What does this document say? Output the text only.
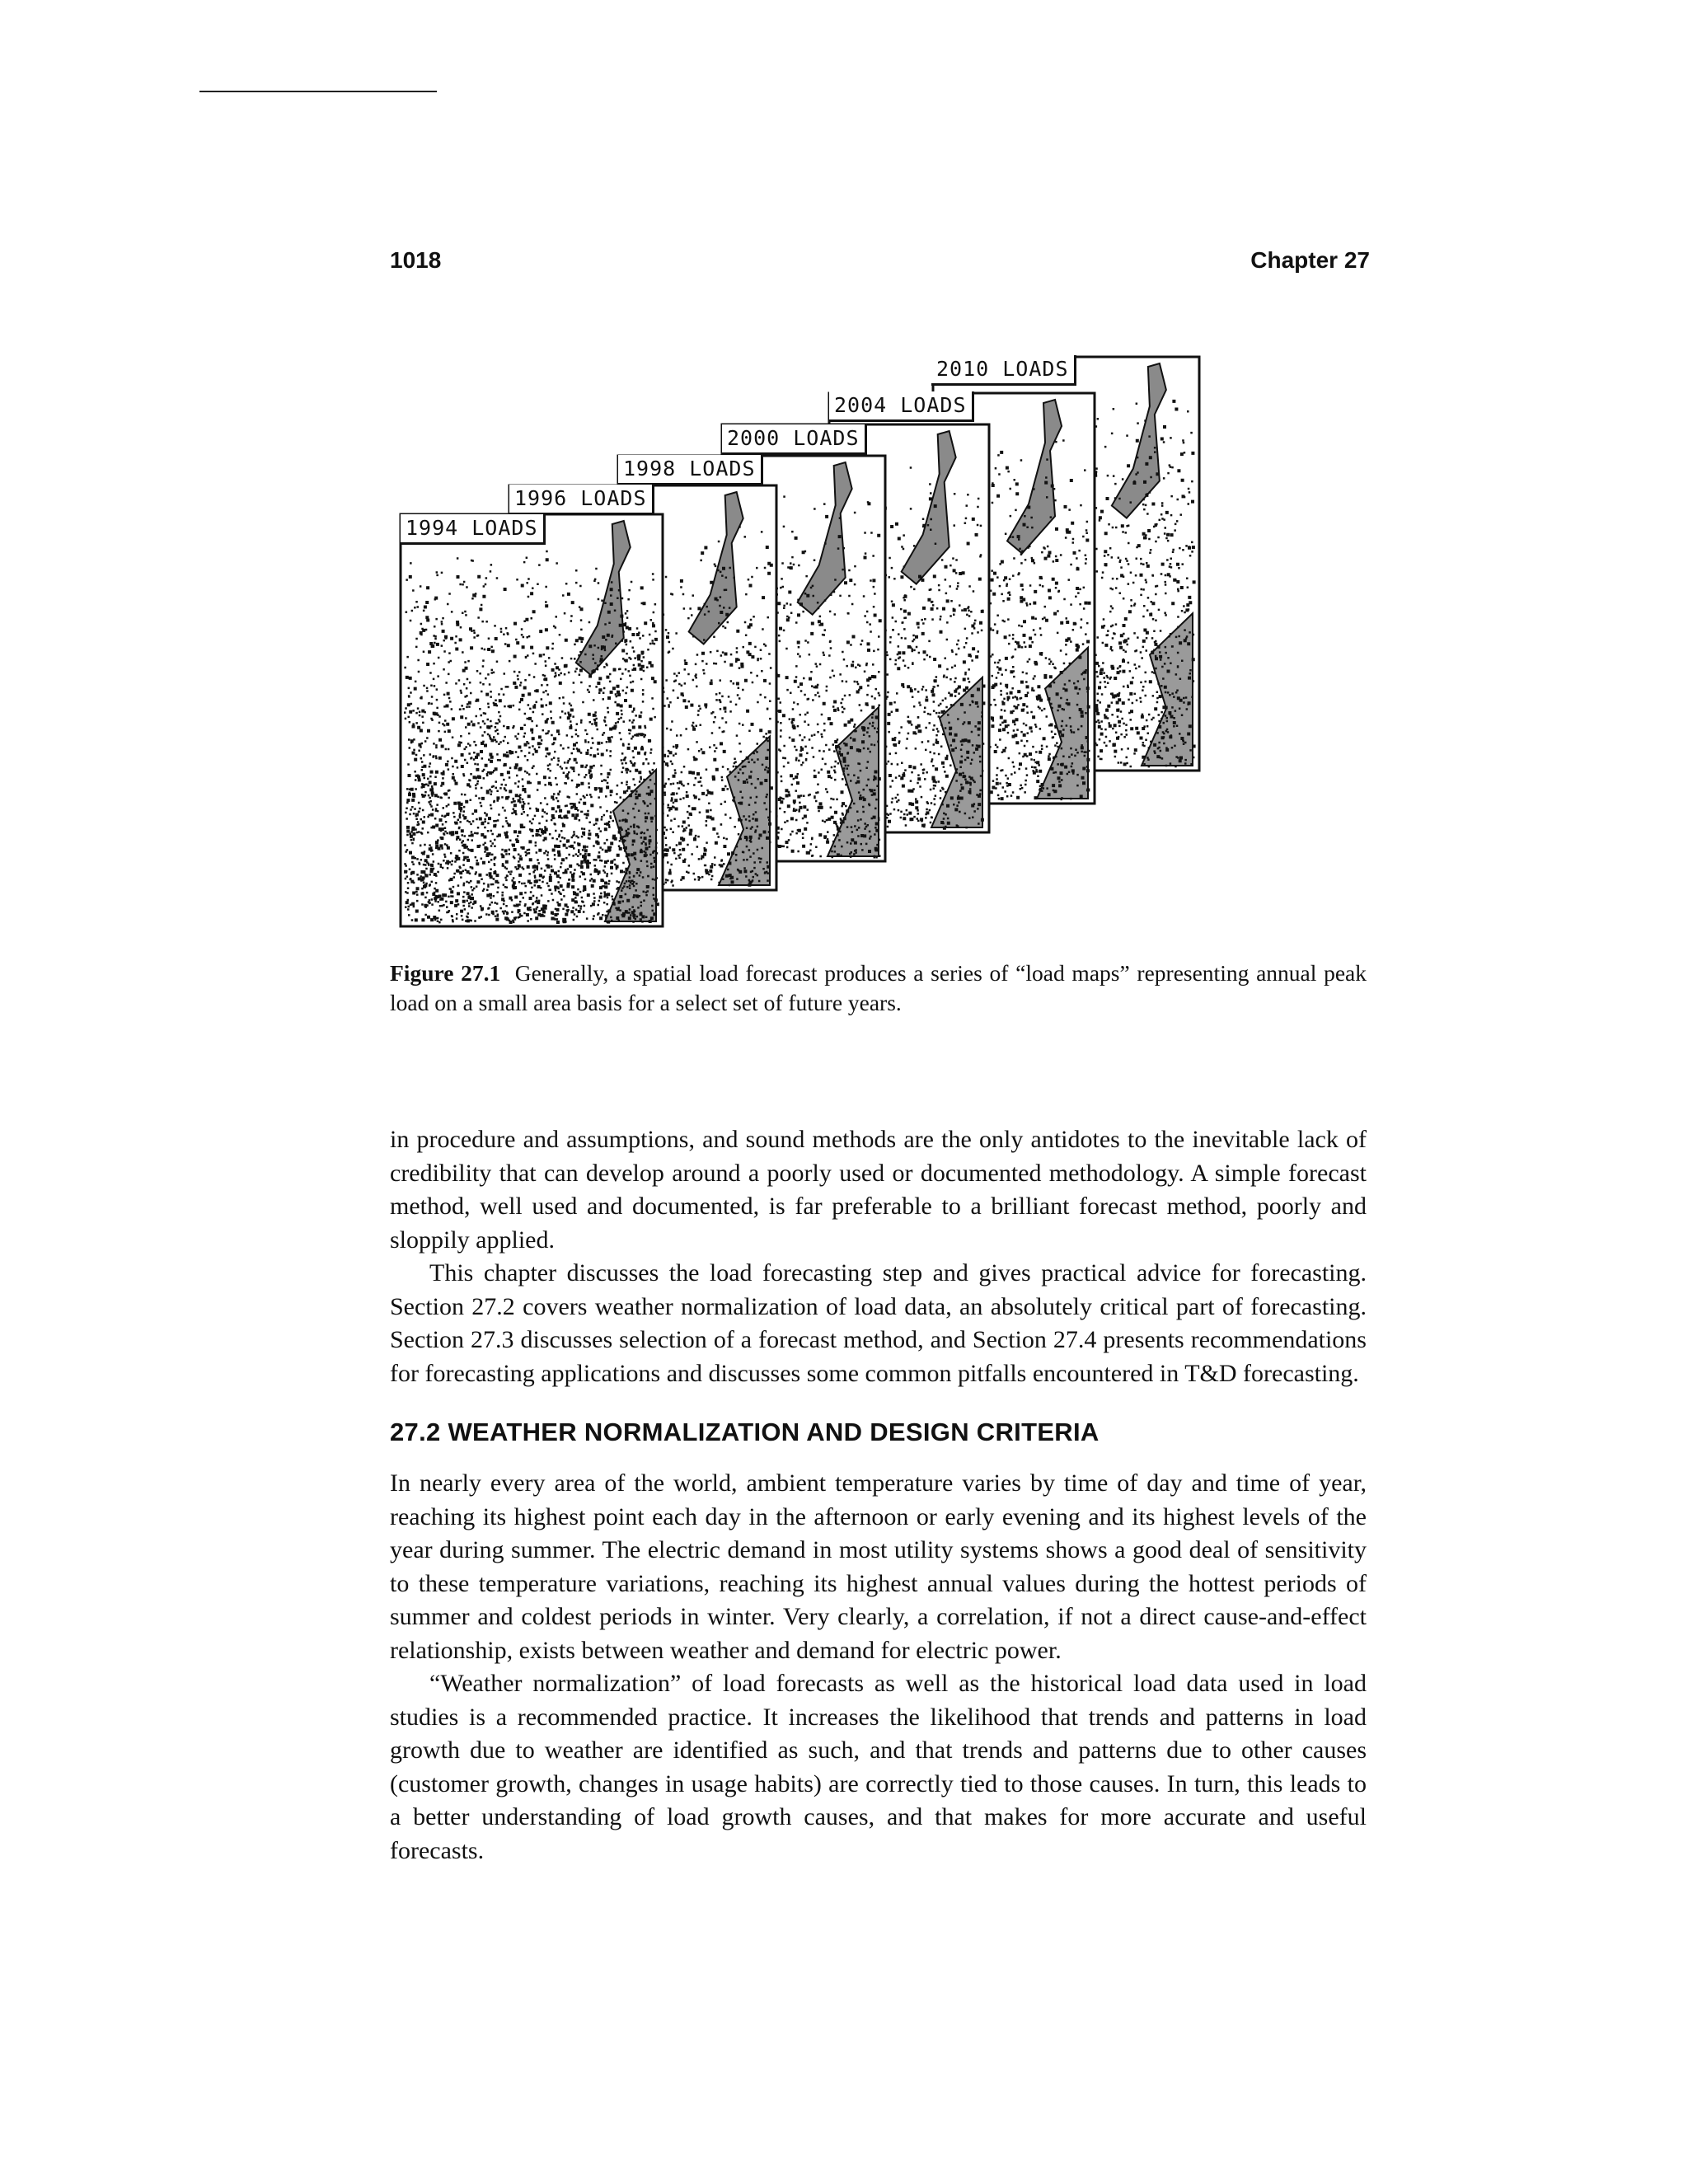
1018	Chapter 27
2010 LOADS
2004 LOADS
2000 LOADS
1998 LOADS
1996 LOADS
1994 LOADS
Figure 27.1 Generally, a spatial load forecast produces a series of “load maps” representing annual peak load on a small area basis for a select set of future years.

in procedure and assumptions, and sound methods are the only antidotes to the inevitable lack of credibility that can develop around a poorly used or documented methodology. A simple forecast method, well used and documented, is far preferable to a brilliant forecast method, poorly and sloppily applied.

This chapter discusses the load forecasting step and gives practical advice for forecasting. Section 27.2 covers weather normalization of load data, an absolutely critical part of forecasting. Section 27.3 discusses selection of a forecast method, and Section 27.4 presents recommendations for forecasting applications and discusses some common pitfalls encountered in T&D forecasting.

27.2 WEATHER NORMALIZATION AND DESIGN CRITERIA

In nearly every area of the world, ambient temperature varies by time of day and time of year, reaching its highest point each day in the afternoon or early evening and its highest levels of the year during summer. The electric demand in most utility systems shows a good deal of sensitivity to these temperature variations, reaching its highest annual values during the hottest periods of summer and coldest periods in winter. Very clearly, a correlation, if not a direct cause-and-effect relationship, exists between weather and demand for electric power.

“Weather normalization” of load forecasts as well as the historical load data used in load studies is a recommended practice. It increases the likelihood that trends and patterns in load growth due to weather are identified as such, and that trends and patterns due to other causes (customer growth, changes in usage habits) are correctly tied to those causes. In turn, this leads to a better understanding of load growth causes, and that makes for more accurate and useful forecasts.
